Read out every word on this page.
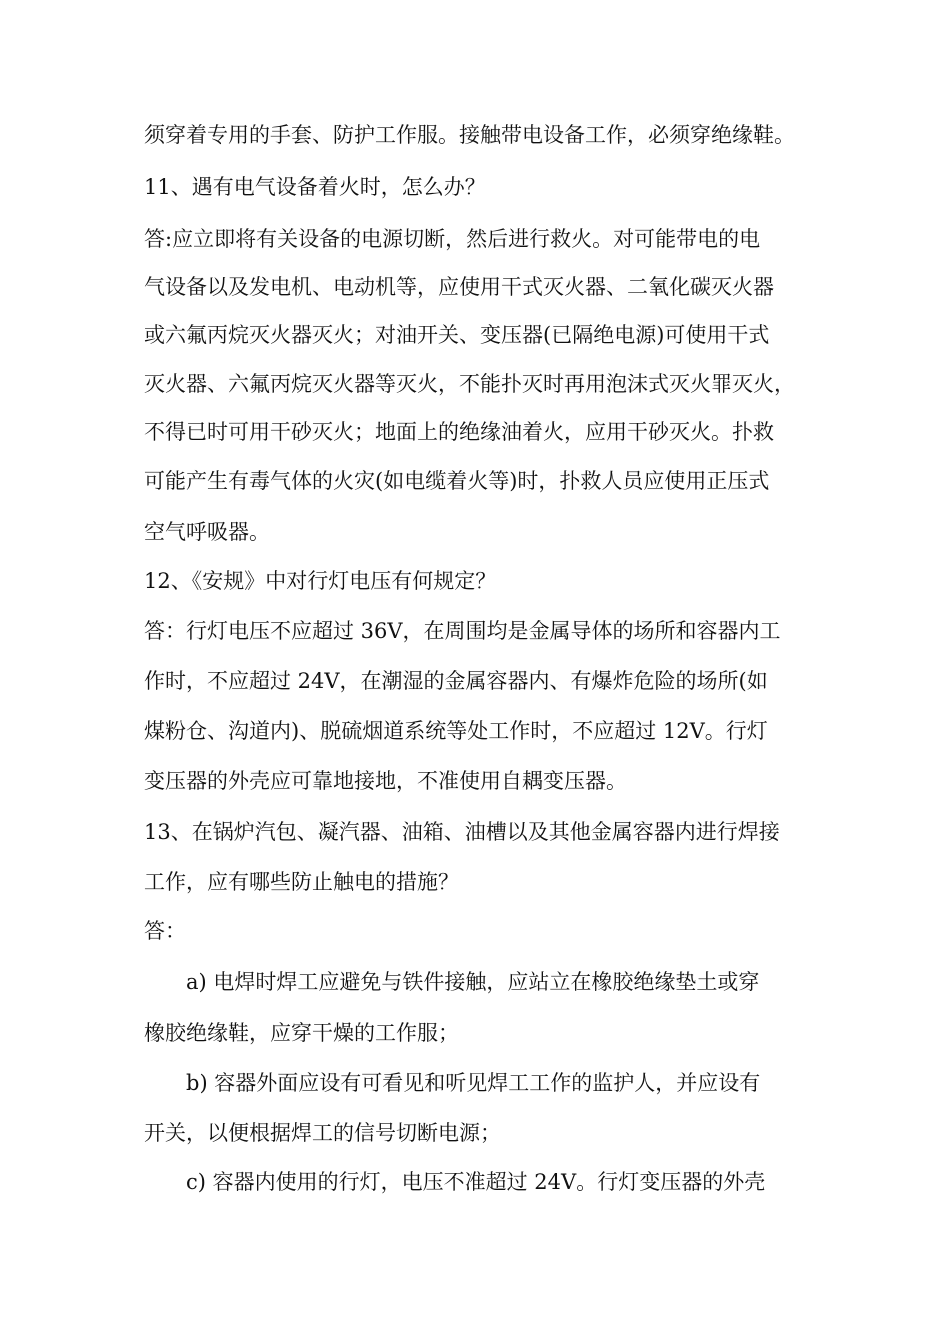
须穿着专用的手套、防护工作服。接触带电设备工作，必须穿绝缘鞋。
11、遇有电气设备着火时，怎么办？
答:应立即将有关设备的电源切断，然后进行救火。对可能带电的电
气设备以及发电机、电动机等，应使用干式灭火器、二氧化碳灭火器
或六氟丙烷灭火器灭火；对油开关、变压器(已隔绝电源)可使用干式
灭火器、六氟丙烷灭火器等灭火，不能扑灭时再用泡沫式灭火罪灭火，
不得已时可用干砂灭火；地面上的绝缘油着火，应用干砂灭火。扑救
可能产生有毒气体的火灾(如电缆着火等)时，扑救人员应使用正压式
空气呼吸器。
12、《安规》中对行灯电压有何规定？
答：行灯电压不应超过 36V，在周围均是金属导体的场所和容器内工
作时，不应超过 24V，在潮湿的金属容器内、有爆炸危险的场所(如
煤粉仓、沟道内)、脱硫烟道系统等处工作时，不应超过 12V。行灯
变压器的外壳应可靠地接地，不准使用自耦变压器。
13、在锅炉汽包、凝汽器、油箱、油槽以及其他金属容器内进行焊接
工作，应有哪些防止触电的措施？
答：
a) 电焊时焊工应避免与铁件接触，应站立在橡胶绝缘垫土或穿
橡胶绝缘鞋，应穿干燥的工作服；
b) 容器外面应设有可看见和听见焊工工作的监护人，并应设有
开关，以便根据焊工的信号切断电源；
c) 容器内使用的行灯，电压不准超过 24V。行灯变压器的外壳
